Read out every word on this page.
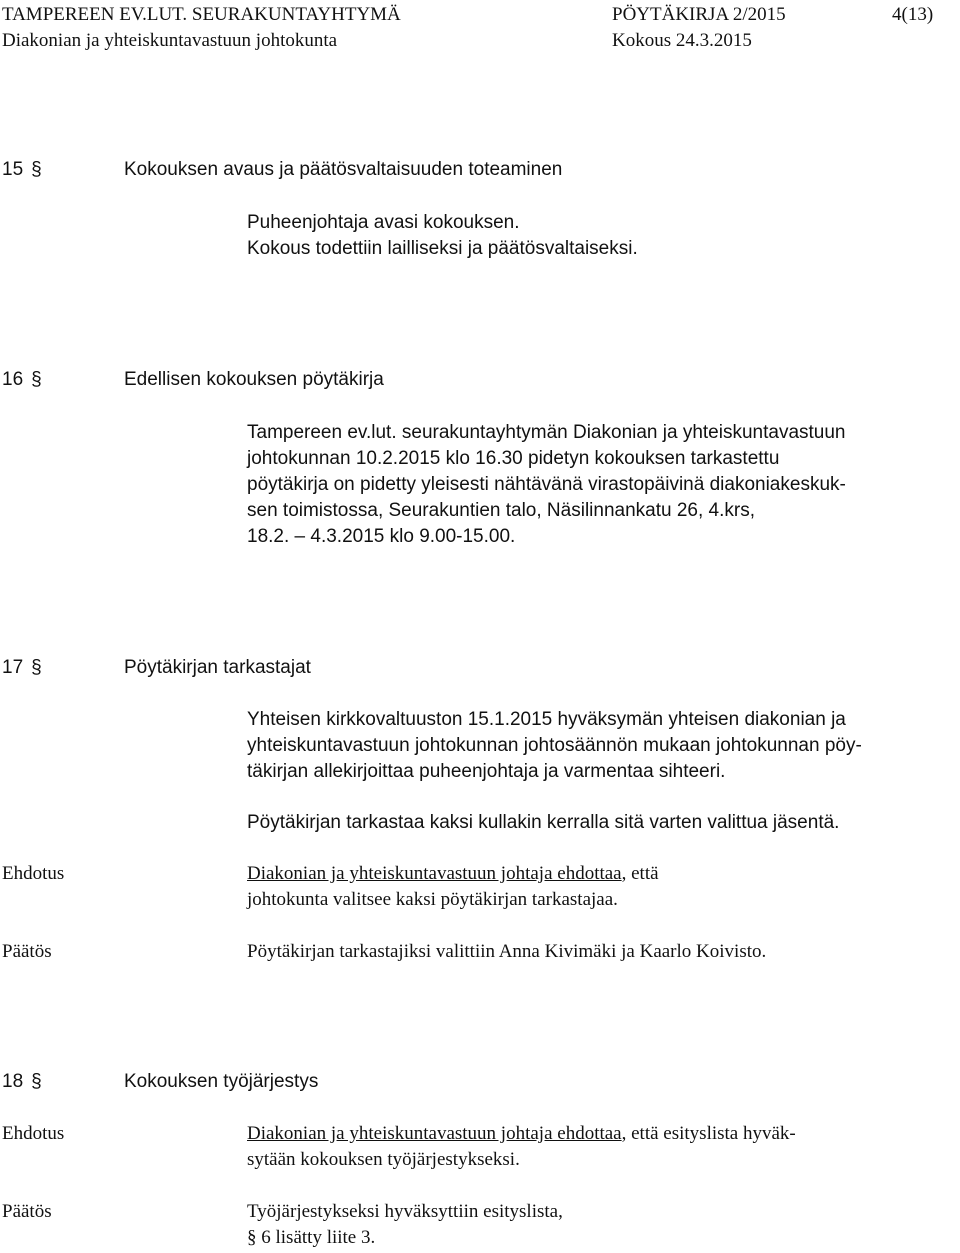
TAMPEREEN EV.LUT. SEURAKUNTAYHTYMÄ	PÖYTÄKIRJA 2/2015	4(13)
Diakonian ja yhteiskuntavastuun johtokunta	Kokous 24.3.2015
15 §	Kokouksen avaus ja päätösvaltaisuuden toteaminen
Puheenjohtaja avasi kokouksen.
Kokous todettiin lailliseksi ja päätösvaltaiseksi.
16 §	Edellisen kokouksen pöytäkirja
Tampereen ev.lut. seurakuntayhtymän Diakonian ja yhteiskuntavastuun
johtokunnan 10.2.2015 klo 16.30 pidetyn kokouksen tarkastettu
pöytäkirja on pidetty yleisesti nähtävänä virastopäivinä diakoniakeskuk-
sen toimistossa, Seurakuntien talo, Näsilinnankatu 26, 4.krs,
18.2. – 4.3.2015 klo 9.00-15.00.
17 §	Pöytäkirjan tarkastajat
Yhteisen kirkkovaltuuston 15.1.2015 hyväksymän yhteisen diakonian ja
yhteiskuntavastuun johtokunnan johtosäännön mukaan johtokunnan pöy-
täkirjan allekirjoittaa puheenjohtaja ja varmentaa sihteeri.
Pöytäkirjan tarkastaa kaksi kullakin kerralla sitä varten valittua jäsentä.
Ehdotus	Diakonian ja yhteiskuntavastuun johtaja ehdottaa, että
johtokunta valitsee kaksi pöytäkirjan tarkastajaa.
Päätös	Pöytäkirjan tarkastajiksi valittiin Anna Kivimäki ja Kaarlo Koivisto.
18 §	Kokouksen työjärjestys
Ehdotus	Diakonian ja yhteiskuntavastuun johtaja ehdottaa, että esityslista hyväk-
sytään kokouksen työjärjestykseksi.
Päätös	Työjärjestykseksi hyväksyttiin esityslista,
§ 6 lisätty liite 3.
